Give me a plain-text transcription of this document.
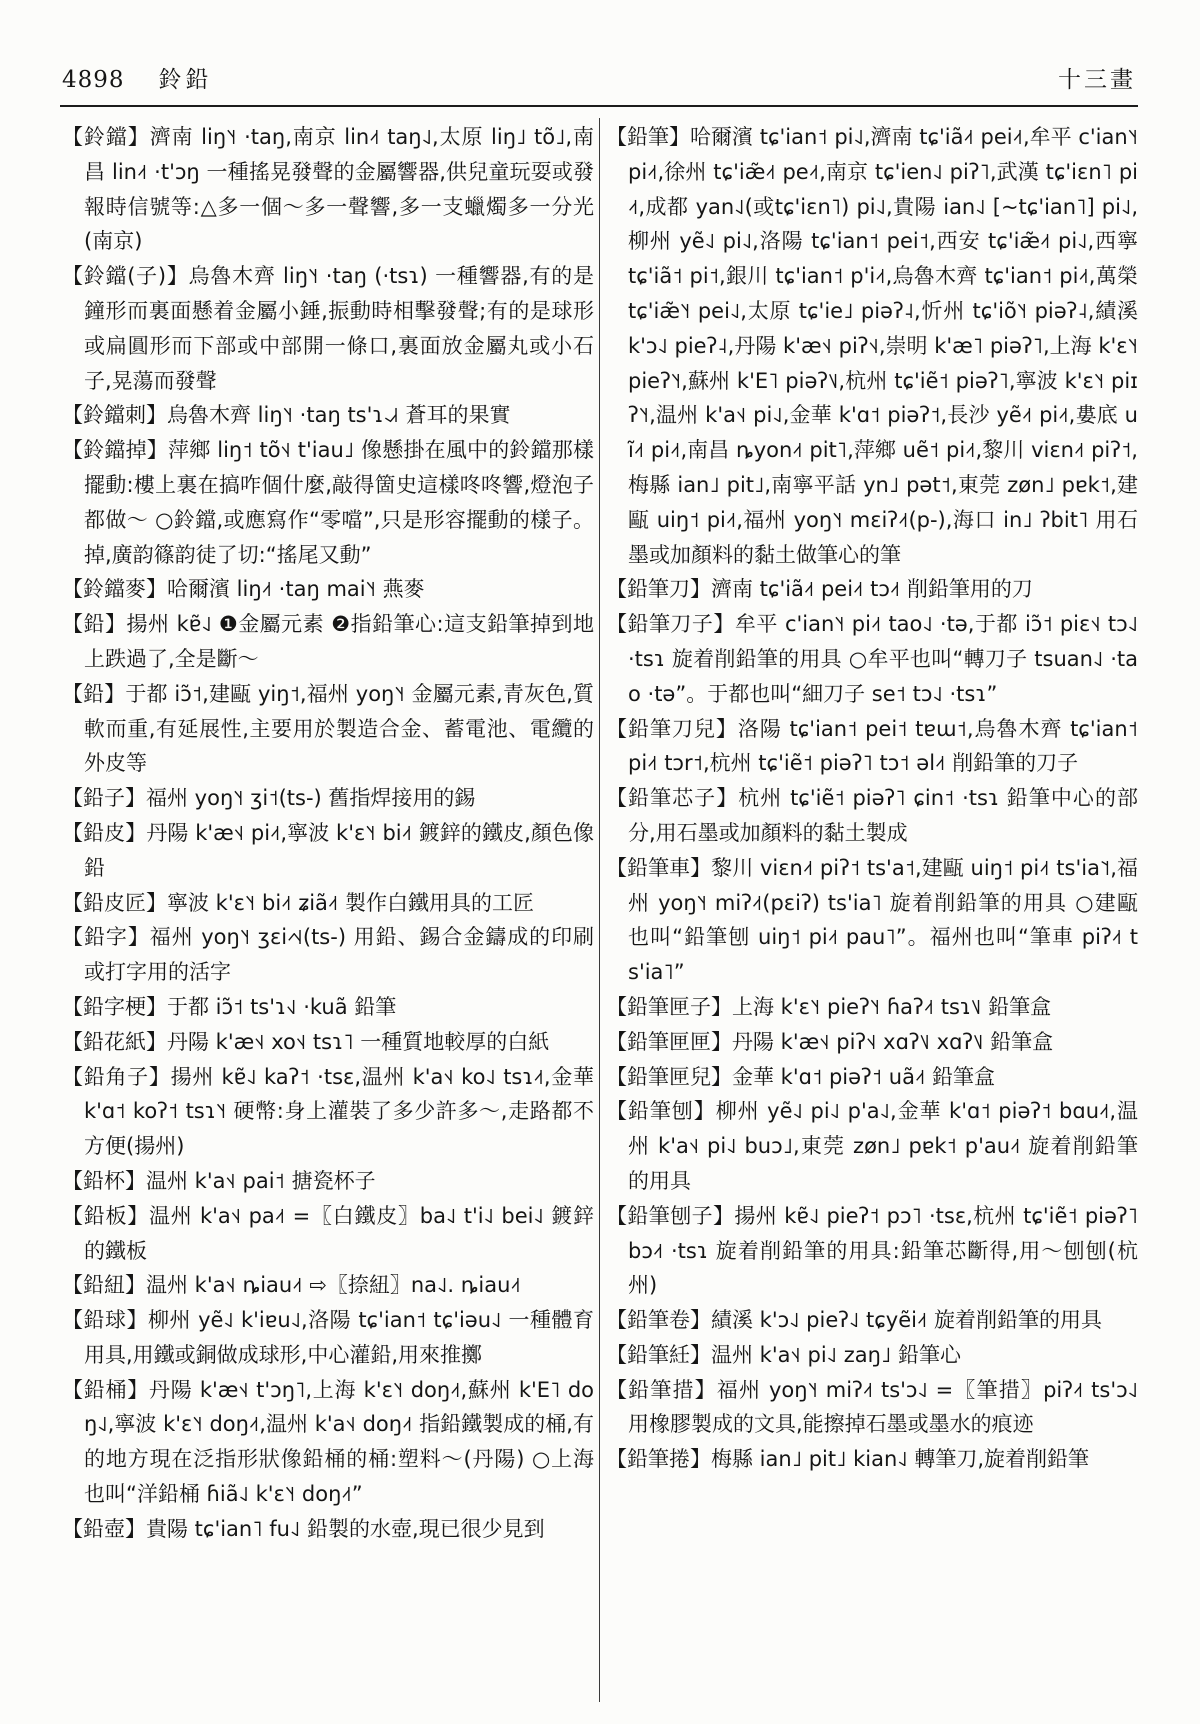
4898 鈴鉛	十三畫

【鈴鐺】濟南 liŋ˥˧ ·taŋ,南京 lin˨˦ taŋ˨˩,太原 liŋ˩ tõ˩,南昌 lin˨˦ ·t'ɔŋ 一種搖晃發聲的金屬響器,供兒童玩耍或發報時信號等:△多一個～多一聲響,多一支蠟燭多一分光(南京)

【鈴鐺(子)】烏魯木齊 liŋ˥˧ ·taŋ (·tsɿ) 一種響器,有的是鐘形而裏面懸着金屬小錘,振動時相擊發聲;有的是球形或扁圓形而下部或中部開一條口,裏面放金屬丸或小石子,晃蕩而發聲

【鈴鐺刺】烏魯木齊 liŋ˥˧ ·taŋ ts'ɿ˨˩˧ 蒼耳的果實

【鈴鐺掉】萍鄉 liŋ˦ tõ˦˨ t'iau˩ 像懸掛在風中的鈴鐺那樣擺動:樓上裏在搞咋個什麼,敲得箇史這樣咚咚響,燈泡子都做～ ○鈴鐺,或應寫作“零噹”,只是形容擺動的樣子。掉,廣韵篠韵徒了切:“搖尾又動”

【鈴鐺麥】哈爾濱 liŋ˨˦ ·taŋ mai˥˧ 燕麥

【鉛】揚州 kɐ̃˨˩ ❶金屬元素 ❷指鉛筆心:這支鉛筆掉到地上跌過了,全是斷～

【鉛】于都 iɔ̃˦,建甌 yiŋ˦,福州 yoŋ˥˧ 金屬元素,青灰色,質軟而重,有延展性,主要用於製造合金、蓄電池、電纜的外皮等

【鉛子】福州 yoŋ˥˧ ʒi˦(ts-) 舊指焊接用的錫

【鉛皮】丹陽 k'æ˦˨ pi˨˦,寧波 k'ɛ˥˧ bi˨˦ 鍍鋅的鐵皮,顏色像鉛

【鉛皮匠】寧波 k'ɛ˥˧ bi˨˦ ʑiã˨˦ 製作白鐵用具的工匠

【鉛字】福州 yoŋ˥˧ ʒɛi˨˦˨(ts-) 用鉛、錫合金鑄成的印刷或打字用的活字

【鉛字梗】于都 iɔ̃˦ ts'ɿ˧˩ ·kuã 鉛筆

【鉛花紙】丹陽 k'æ˦˨ xo˦˨ tsɿ˥ 一種質地較厚的白紙

【鉛角子】揚州 kɐ̃˨˩ kaʔ˦ ·tsɛ,温州 k'a˦˨ ko˨˩ tsɿ˨˦,金華 k'ɑ˦ koʔ˦ tsɿ˥˧ 硬幣:身上灌裝了多少許多～,走路都不方便(揚州)

【鉛杯】温州 k'a˦˨ pai˦ 搪瓷杯子

【鉛板】温州 k'a˦˨ pa˨˦ =〖白鐵皮〗ba˨˩ t'i˨˩ bei˨˩ 鍍鋅的鐵板

【鉛紐】温州 k'a˦˨ ȵiau˨˦ ⇨〖捺紐〗na˨˩. ȵiau˨˦

【鉛球】柳州 yẽ˨˩ k'iɐu˨˩,洛陽 tɕ'ian˦ tɕ'iəu˨˩ 一種體育用具,用鐵或銅做成球形,中心灌鉛,用來推擲

【鉛桶】丹陽 k'æ˦˨ t'ɔŋ˥,上海 k'ɛ˥˧ doŋ˨˦,蘇州 k'E˥ doŋ˨˩,寧波 k'ɛ˥˧ doŋ˨˦,温州 k'a˦˨ doŋ˨˦ 指鉛鐵製成的桶,有的地方現在泛指形狀像鉛桶的桶:塑料～(丹陽) ○上海也叫“洋鉛桶 ɦiã˨˩ k'ɛ˥˧ doŋ˨˦”

【鉛壺】貴陽 tɕ'ian˥ fu˨˩ 鉛製的水壺,現已很少見到

【鉛筆】哈爾濱 tɕ'ian˦ pi˨˩,濟南 tɕ'iã˨˦ pei˨˦,牟平 c'ian˥˧ pi˨˦,徐州 tɕ'iæ̃˨˦ pe˨˦,南京 tɕ'ien˨˩ piʔ˥,武漢 tɕ'iɛn˥ pi˨˦,成都 yan˨˩(或tɕ'iɛn˥) pi˨˩,貴陽 ian˨˩ [~tɕ'ian˥] pi˨˩,柳州 yẽ˨˩ pi˨˩,洛陽 tɕ'ian˦ pei˦,西安 tɕ'iæ̃˨˦ pi˨˩,西寧 tɕ'iã˦ pi˦,銀川 tɕ'ian˦ p'i˨˦,烏魯木齊 tɕ'ian˦ pi˨˦,萬榮 tɕ'iæ̃˥˧ pei˨˩,太原 tɕ'ie˩ piəʔ˨,忻州 tɕ'iõ˥˧ piəʔ˨,績溪 k'ɔ˨˩ pieʔ˨,丹陽 k'æ˦˨ piʔ˦˨,崇明 k'æ˥ piəʔ˥,上海 k'ɛ˥˧ pieʔ˥˧,蘇州 k'E˥ piəʔ˥˩,杭州 tɕ'iẽ˦ piəʔ˥,寧波 k'ɛ˥˧ piɪʔ˥˧,温州 k'a˦˨ pi˨˩,金華 k'ɑ˦ piəʔ˦,長沙 yẽ˨˦ pi˨˦,婁底 uĩ˨˦ pi˨˦,南昌 ȵyon˨˦ pit˥,萍鄉 uẽ˦ pi˨˦,黎川 viɛn˨˦ piʔ˦,梅縣 ian˩ pit˩,南寧平話 yn˩ pət˦,東莞 zøn˩ pɐk˦,建甌 uiŋ˦ pi˨˦,福州 yoŋ˥˧ mɛiʔ˨˦(p-),海口 in˩ ʔbit˥ 用石墨或加顏料的黏土做筆心的筆

【鉛筆刀】濟南 tɕ'iã˨˦ pei˨˦ tɔ˨˦ 削鉛筆用的刀

【鉛筆刀子】牟平 c'ian˥˧ pi˨˦ tao˨˩ ·tə,于都 iɔ̃˦ piɛ˦˨ tɔ˨˩ ·tsɿ 旋着削鉛筆的用具 ○牟平也叫“轉刀子 tsuan˨˩ ·tao ·tə”。于都也叫“細刀子 se˦ tɔ˨˩ ·tsɿ”

【鉛筆刀兒】洛陽 tɕ'ian˦ pei˦ tɐɯ˦,烏魯木齊 tɕ'ian˦ pi˨˦ tɔr˦,杭州 tɕ'iẽ˦ piəʔ˥ tɔ˦ əl˨˦ 削鉛筆的刀子

【鉛筆芯子】杭州 tɕ'iẽ˦ piəʔ˥ ɕin˦ ·tsɿ 鉛筆中心的部分,用石墨或加顏料的黏土製成

【鉛筆車】黎川 viɛn˨˦ piʔ˦ ts'a˦,建甌 uiŋ˦ pi˨˦ ts'ia˥˦,福州 yoŋ˥˧ miʔ˨˦(pɛiʔ) ts'ia˥ 旋着削鉛筆的用具 ○建甌也叫“鉛筆刨 uiŋ˦ pi˨˦ pau˥”。福州也叫“筆車 piʔ˨˦ ts'ia˥”

【鉛筆匣子】上海 k'ɛ˥˧ pieʔ˥˧ ɦaʔ˨˦ tsɿ˥˩ 鉛筆盒

【鉛筆匣匣】丹陽 k'æ˦˨ piʔ˦˨ xɑʔ˥˩ xɑʔ˥˩ 鉛筆盒

【鉛筆匣兒】金華 k'ɑ˦ piəʔ˦ uã˨˦ 鉛筆盒

【鉛筆刨】柳州 yẽ˨˩ pi˨˩ p'a˨˩,金華 k'ɑ˦ piəʔ˦ bɑu˨˦,温州 k'a˦˨ pi˨˩ buɔ˩,東莞 zøn˩ pɐk˦ p'au˨˦ 旋着削鉛筆的用具

【鉛筆刨子】揚州 kɐ̃˨˩ pieʔ˦ pɔ˥ ·tsɛ,杭州 tɕ'iẽ˦ piəʔ˥ bɔ˨˦ ·tsɿ 旋着削鉛筆的用具:鉛筆芯斷得,用～刨刨(杭州)

【鉛筆卷】績溪 k'ɔ˨˩ pieʔ˨˩ tɕyẽi˨˦ 旋着削鉛筆的用具

【鉛筆紝】温州 k'a˦˨ pi˨˩ zaŋ˩ 鉛筆心

【鉛筆措】福州 yoŋ˥˧ miʔ˨˦ ts'ɔ˨˩ =〖筆措〗piʔ˨˦ ts'ɔ˨˩ 用橡膠製成的文具,能擦掉石墨或墨水的痕迹

【鉛筆捲】梅縣 ian˩ pit˩ kian˨˩ 轉筆刀,旋着削鉛筆
